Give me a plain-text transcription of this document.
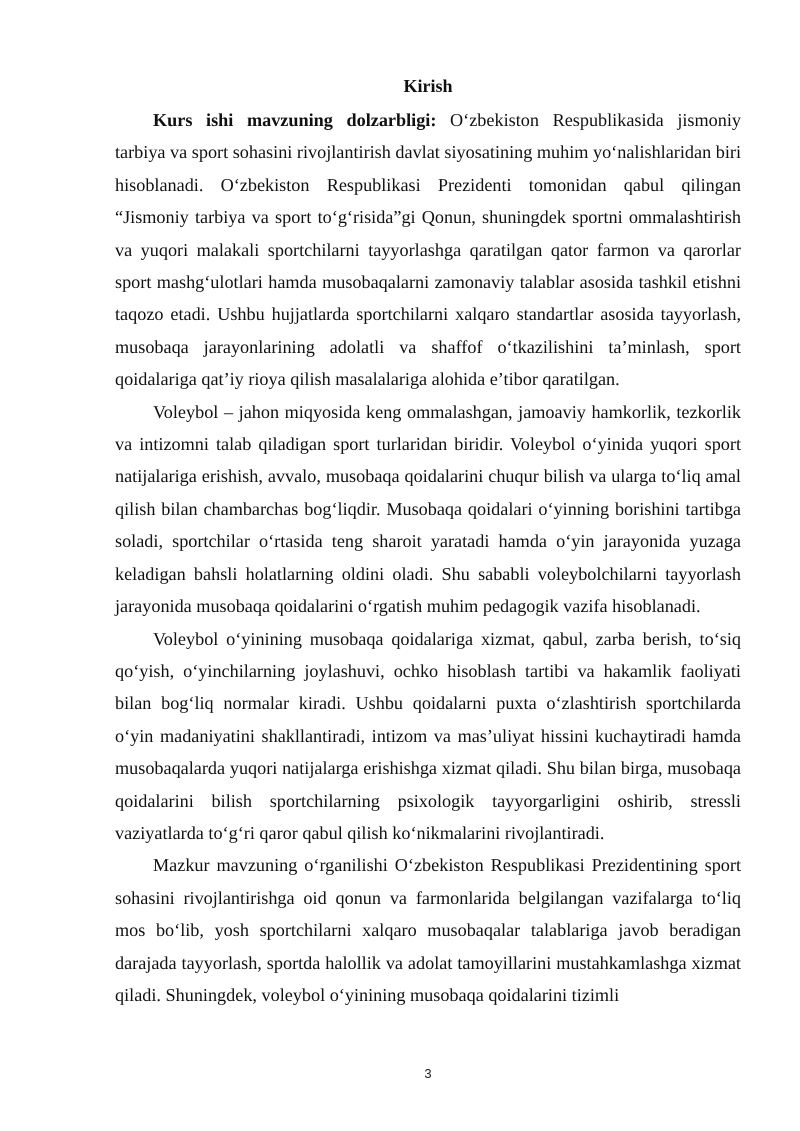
Kirish

Kurs ishi mavzuning dolzarbligi: O‘zbekiston Respublikasida jismoniy tarbiya va sport sohasini rivojlantirish davlat siyosatining muhim yo‘nalishlaridan biri hisoblanadi. O‘zbekiston Respublikasi Prezidenti tomonidan qabul qilingan “Jismoniy tarbiya va sport to‘g‘risida”gi Qonun, shuningdek sportni ommalashtirish va yuqori malakali sportchilarni tayyorlashga qaratilgan qator farmon va qarorlar sport mashg‘ulotlari hamda musobaqalarni zamonaviy talablar asosida tashkil etishni taqozo etadi. Ushbu hujjatlarda sportchilarni xalqaro standartlar asosida tayyorlash, musobaqa jarayonlarining adolatli va shaffof o‘tkazilishini ta’minlash, sport qoidalariga qat’iy rioya qilish masalalariga alohida e’tibor qaratilgan.

Voleybol – jahon miqyosida keng ommalashgan, jamoaviy hamkorlik, tezkorlik va intizomni talab qiladigan sport turlaridan biridir. Voleybol o‘yinida yuqori sport natijalariga erishish, avvalo, musobaqa qoidalarini chuqur bilish va ularga to‘liq amal qilish bilan chambarchas bog‘liqdir. Musobaqa qoidalari o‘yinning borishini tartibga soladi, sportchilar o‘rtasida teng sharoit yaratadi hamda o‘yin jarayonida yuzaga keladigan bahsli holatlarning oldini oladi. Shu sababli voleybolchilarni tayyorlash jarayonida musobaqa qoidalarini o‘rgatish muhim pedagogik vazifa hisoblanadi.

Voleybol o‘yinining musobaqa qoidalariga xizmat, qabul, zarba berish, to‘siq qo‘yish, o‘yinchilarning joylashuvi, ochko hisoblash tartibi va hakamlik faoliyati bilan bog‘liq normalar kiradi. Ushbu qoidalarni puxta o‘zlashtirish sportchilarda o‘yin madaniyatini shakllantiradi, intizom va mas’uliyat hissini kuchaytiradi hamda musobaqalarda yuqori natijalarga erishishga xizmat qiladi. Shu bilan birga, musobaqa qoidalarini bilish sportchilarning psixologik tayyorgarligini oshirib, stressli vaziyatlarda to‘g‘ri qaror qabul qilish ko‘nikmalarini rivojlantiradi.

Mazkur mavzuning o‘rganilishi O‘zbekiston Respublikasi Prezidentining sport sohasini rivojlantirishga oid qonun va farmonlarida belgilangan vazifalarga to‘liq mos bo‘lib, yosh sportchilarni xalqaro musobaqalar talablariga javob beradigan darajada tayyorlash, sportda halollik va adolat tamoyillarini mustahkamlashga xizmat qiladi. Shuningdek, voleybol o‘yinining musobaqa qoidalarini tizimli

3
